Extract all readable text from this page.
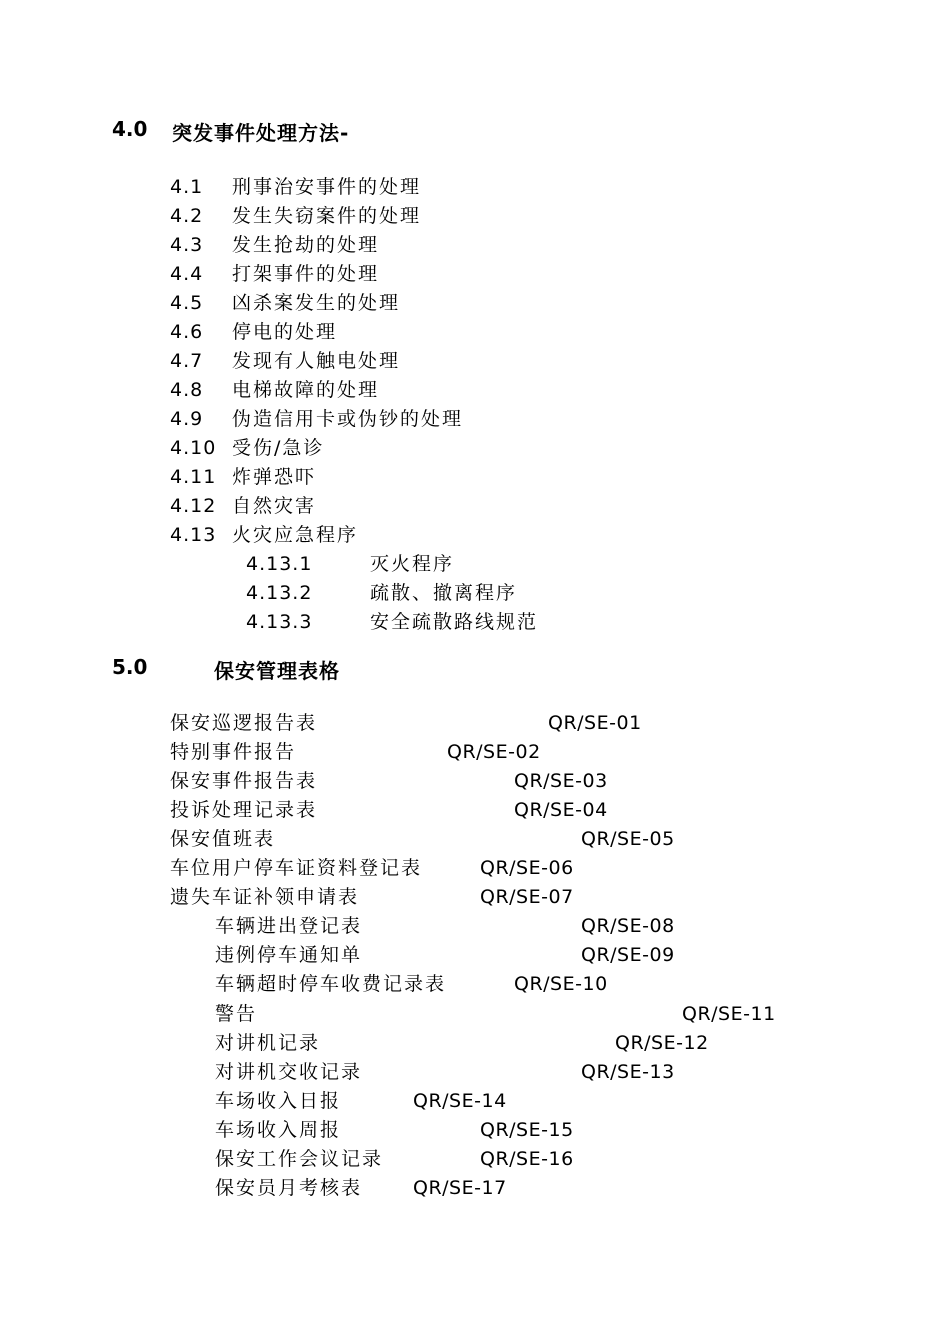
4.0 突发事件处理方法-
4.1 刑事治安事件的处理
4.2 发生失窃案件的处理
4.3 发生抢劫的处理
4.4 打架事件的处理
4.5 凶杀案发生的处理
4.6 停电的处理
4.7 发现有人触电处理
4.8 电梯故障的处理
4.9 伪造信用卡或伪钞的处理
4.10 受伤/急诊
4.11 炸弹恐吓
4.12 自然灾害
4.13 火灾应急程序
4.13.1	灭火程序
4.13.2	疏散、撤离程序
4.13.3	安全疏散路线规范
5.0	保安管理表格
保安巡逻报告表	QR/SE-01
特别事件报告	QR/SE-02
保安事件报告表	QR/SE-03
投诉处理记录表	QR/SE-04
保安值班表	QR/SE-05
车位用户停车证资料登记表	QR/SE-06
遗失车证补领申请表	QR/SE-07
车辆进出登记表	QR/SE-08
违例停车通知单	QR/SE-09
车辆超时停车收费记录表	QR/SE-10
警告	QR/SE-11
对讲机记录	QR/SE-12
对讲机交收记录	QR/SE-13
车场收入日报	QR/SE-14
车场收入周报	QR/SE-15
保安工作会议记录	QR/SE-16
保安员月考核表	QR/SE-17
